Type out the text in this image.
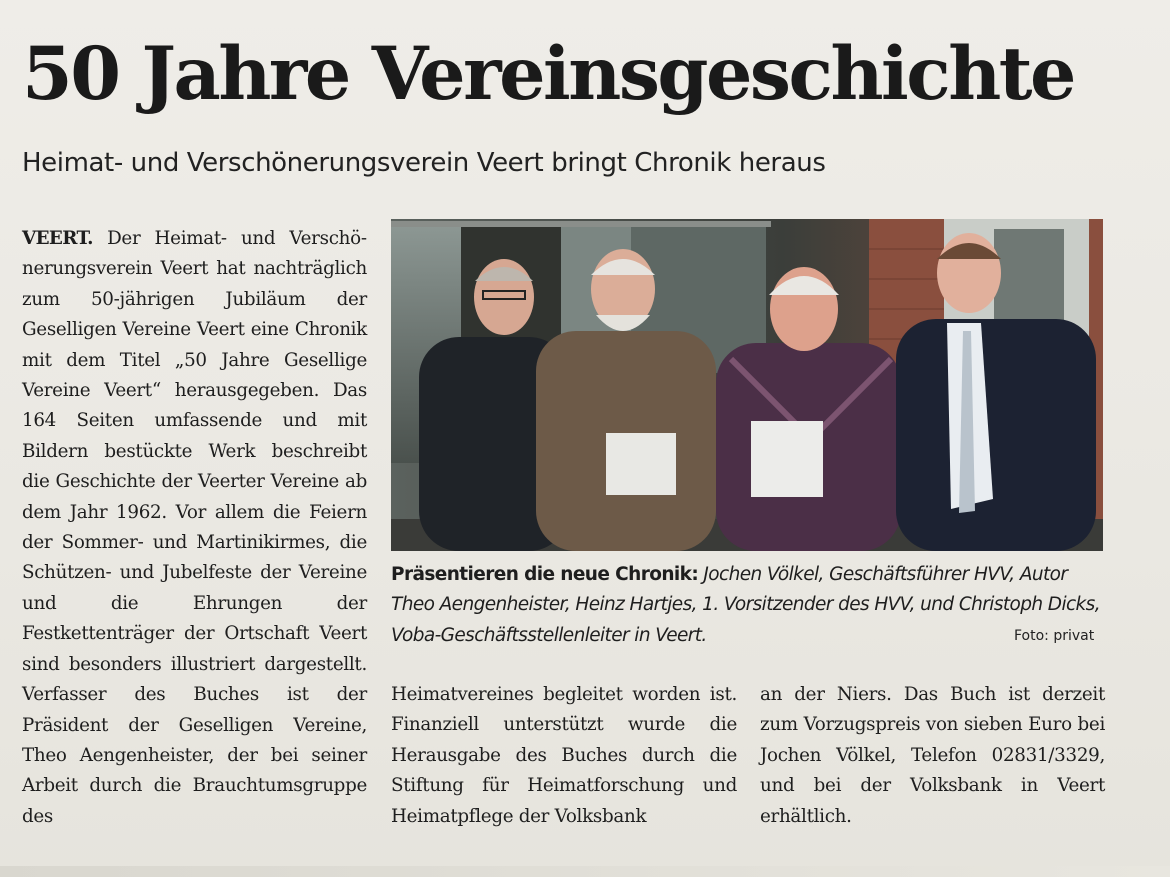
50 Jahre Vereinsgeschichte
Heimat- und Verschönerungsverein Veert bringt Chronik heraus
VEERT. Der Heimat- und Verschönerungsverein Veert hat nachträglich zum 50-jährigen Jubiläum der Geselligen Vereine Veert eine Chronik mit dem Titel „50 Jahre Gesellige Vereine Veert“ herausgegeben. Das 164 Seiten umfassende und mit Bildern bestückte Werk beschreibt die Geschichte der Veerter Vereine ab dem Jahr 1962. Vor allem die Feiern der Sommer- und Martinikirmes, die Schützen- und Jubelfeste der Vereine und die Ehrungen der Festkettenträger der Ortschaft Veert sind besonders illustriert dargestellt. Verfasser des Buches ist der Präsident der Geselligen Vereine, Theo Aengenheister, der bei seiner Arbeit durch die Brauchtumsgruppe des
Präsentieren die neue Chronik: Jochen Völkel, Geschäftsführer HVV, Autor Theo Aengenheister, Heinz Hartjes, 1. Vorsitzender des HVV, und Christoph Dicks, Voba-Geschäftsstellenleiter in Veert.	Foto: privat
Heimatvereines begleitet worden ist. Finanziell unterstützt wurde die Herausgabe des Buches durch die Stiftung für Heimatforschung und Heimatpflege der Volksbank
an der Niers. Das Buch ist derzeit zum Vorzugspreis von sieben Euro bei Jochen Völkel, Telefon 02831/3329, und bei der Volksbank in Veert erhältlich.
